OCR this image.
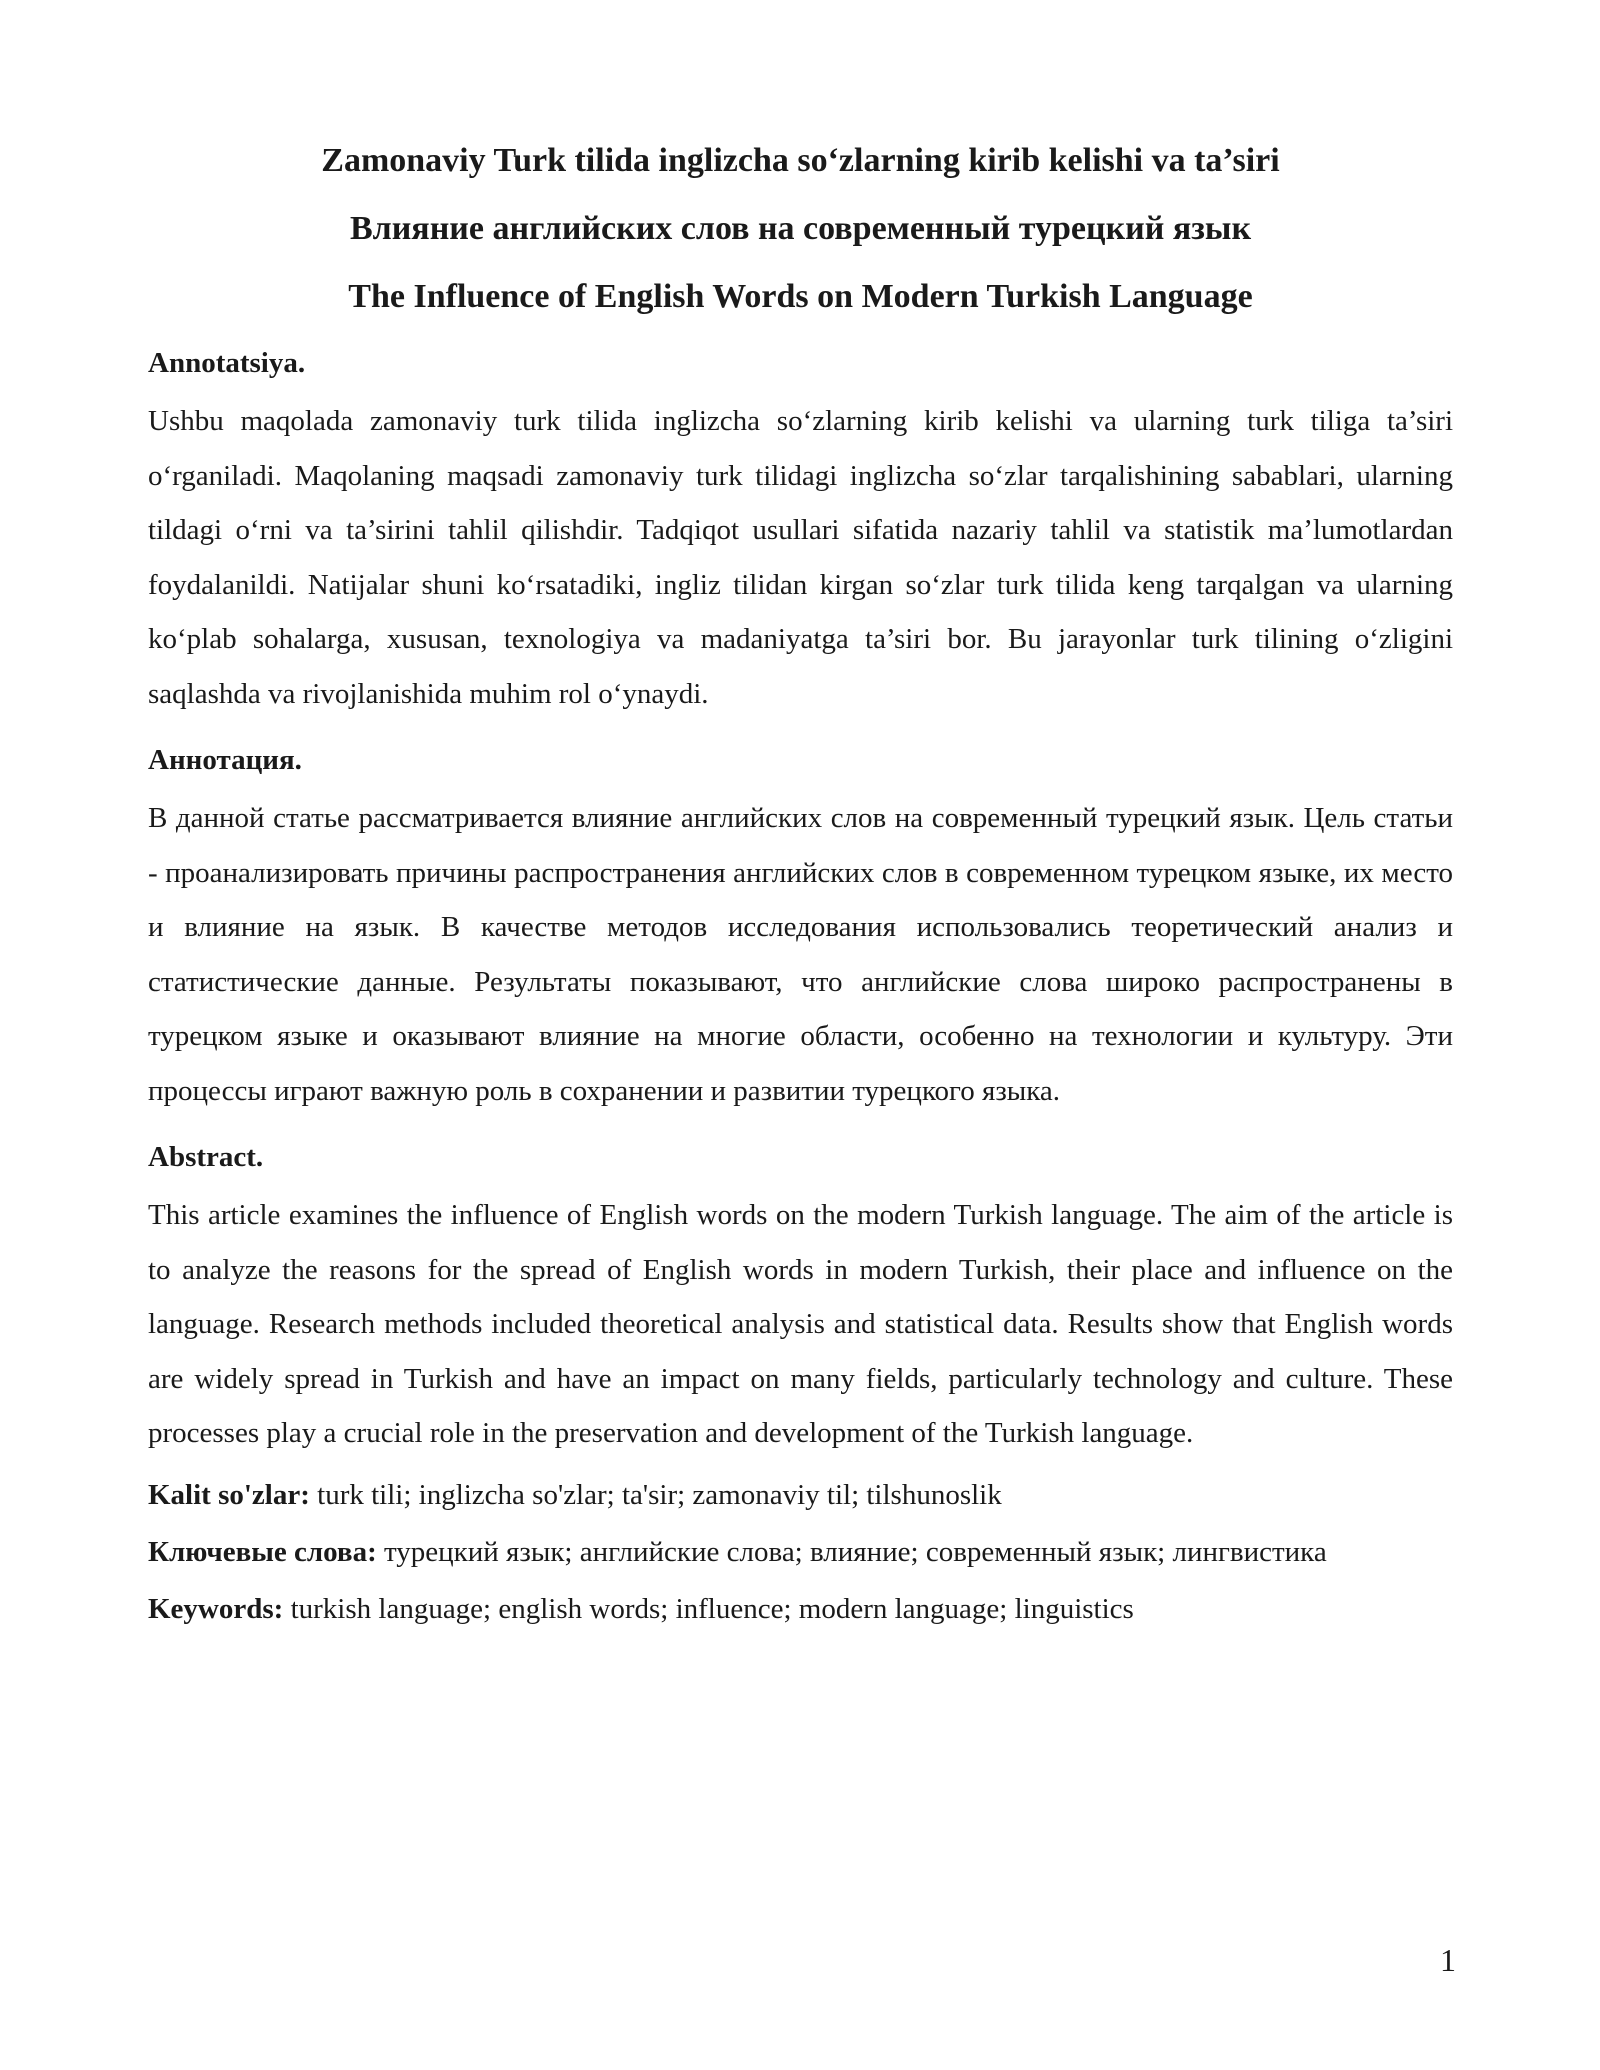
Zamonaviy Turk tilida inglizcha so‘zlarning kirib kelishi va ta’siri
Влияние английских слов на современный турецкий язык
The Influence of English Words on Modern Turkish Language
Annotatsiya.

Ushbu maqolada zamonaviy turk tilida inglizcha so‘zlarning kirib kelishi va ularning turk tiliga ta’siri o‘rganiladi. Maqolaning maqsadi zamonaviy turk tilidagi inglizcha so‘zlar tarqalishining sabablari, ularning tildagi o‘rni va ta’sirini tahlil qilishdir. Tadqiqot usullari sifatida nazariy tahlil va statistik ma’lumotlardan foydalanildi. Natijalar shuni ko‘rsatadiki, ingliz tilidan kirgan so‘zlar turk tilida keng tarqalgan va ularning ko‘plab sohalarga, xususan, texnologiya va madaniyatga ta’siri bor. Bu jarayonlar turk tilining o‘zligini saqlashda va rivojlanishida muhim rol o‘ynaydi.

Аннотация.

В данной статье рассматривается влияние английских слов на современный турецкий язык. Цель статьи - проанализировать причины распространения английских слов в современном турецком языке, их место и влияние на язык. В качестве методов исследования использовались теоретический анализ и статистические данные. Результаты показывают, что английские слова широко распространены в турецком языке и оказывают влияние на многие области, особенно на технологии и культуру. Эти процессы играют важную роль в сохранении и развитии турецкого языка.

Abstract.

This article examines the influence of English words on the modern Turkish language. The aim of the article is to analyze the reasons for the spread of English words in modern Turkish, their place and influence on the language. Research methods included theoretical analysis and statistical data. Results show that English words are widely spread in Turkish and have an impact on many fields, particularly technology and culture. These processes play a crucial role in the preservation and development of the Turkish language.

Kalit so'zlar: turk tili; inglizcha so'zlar; ta'sir; zamonaviy til; tilshunoslik

Ключевые слова: турецкий язык; английские слова; влияние; современный язык; лингвистика

Keywords: turkish language; english words; influence; modern language; linguistics

1
